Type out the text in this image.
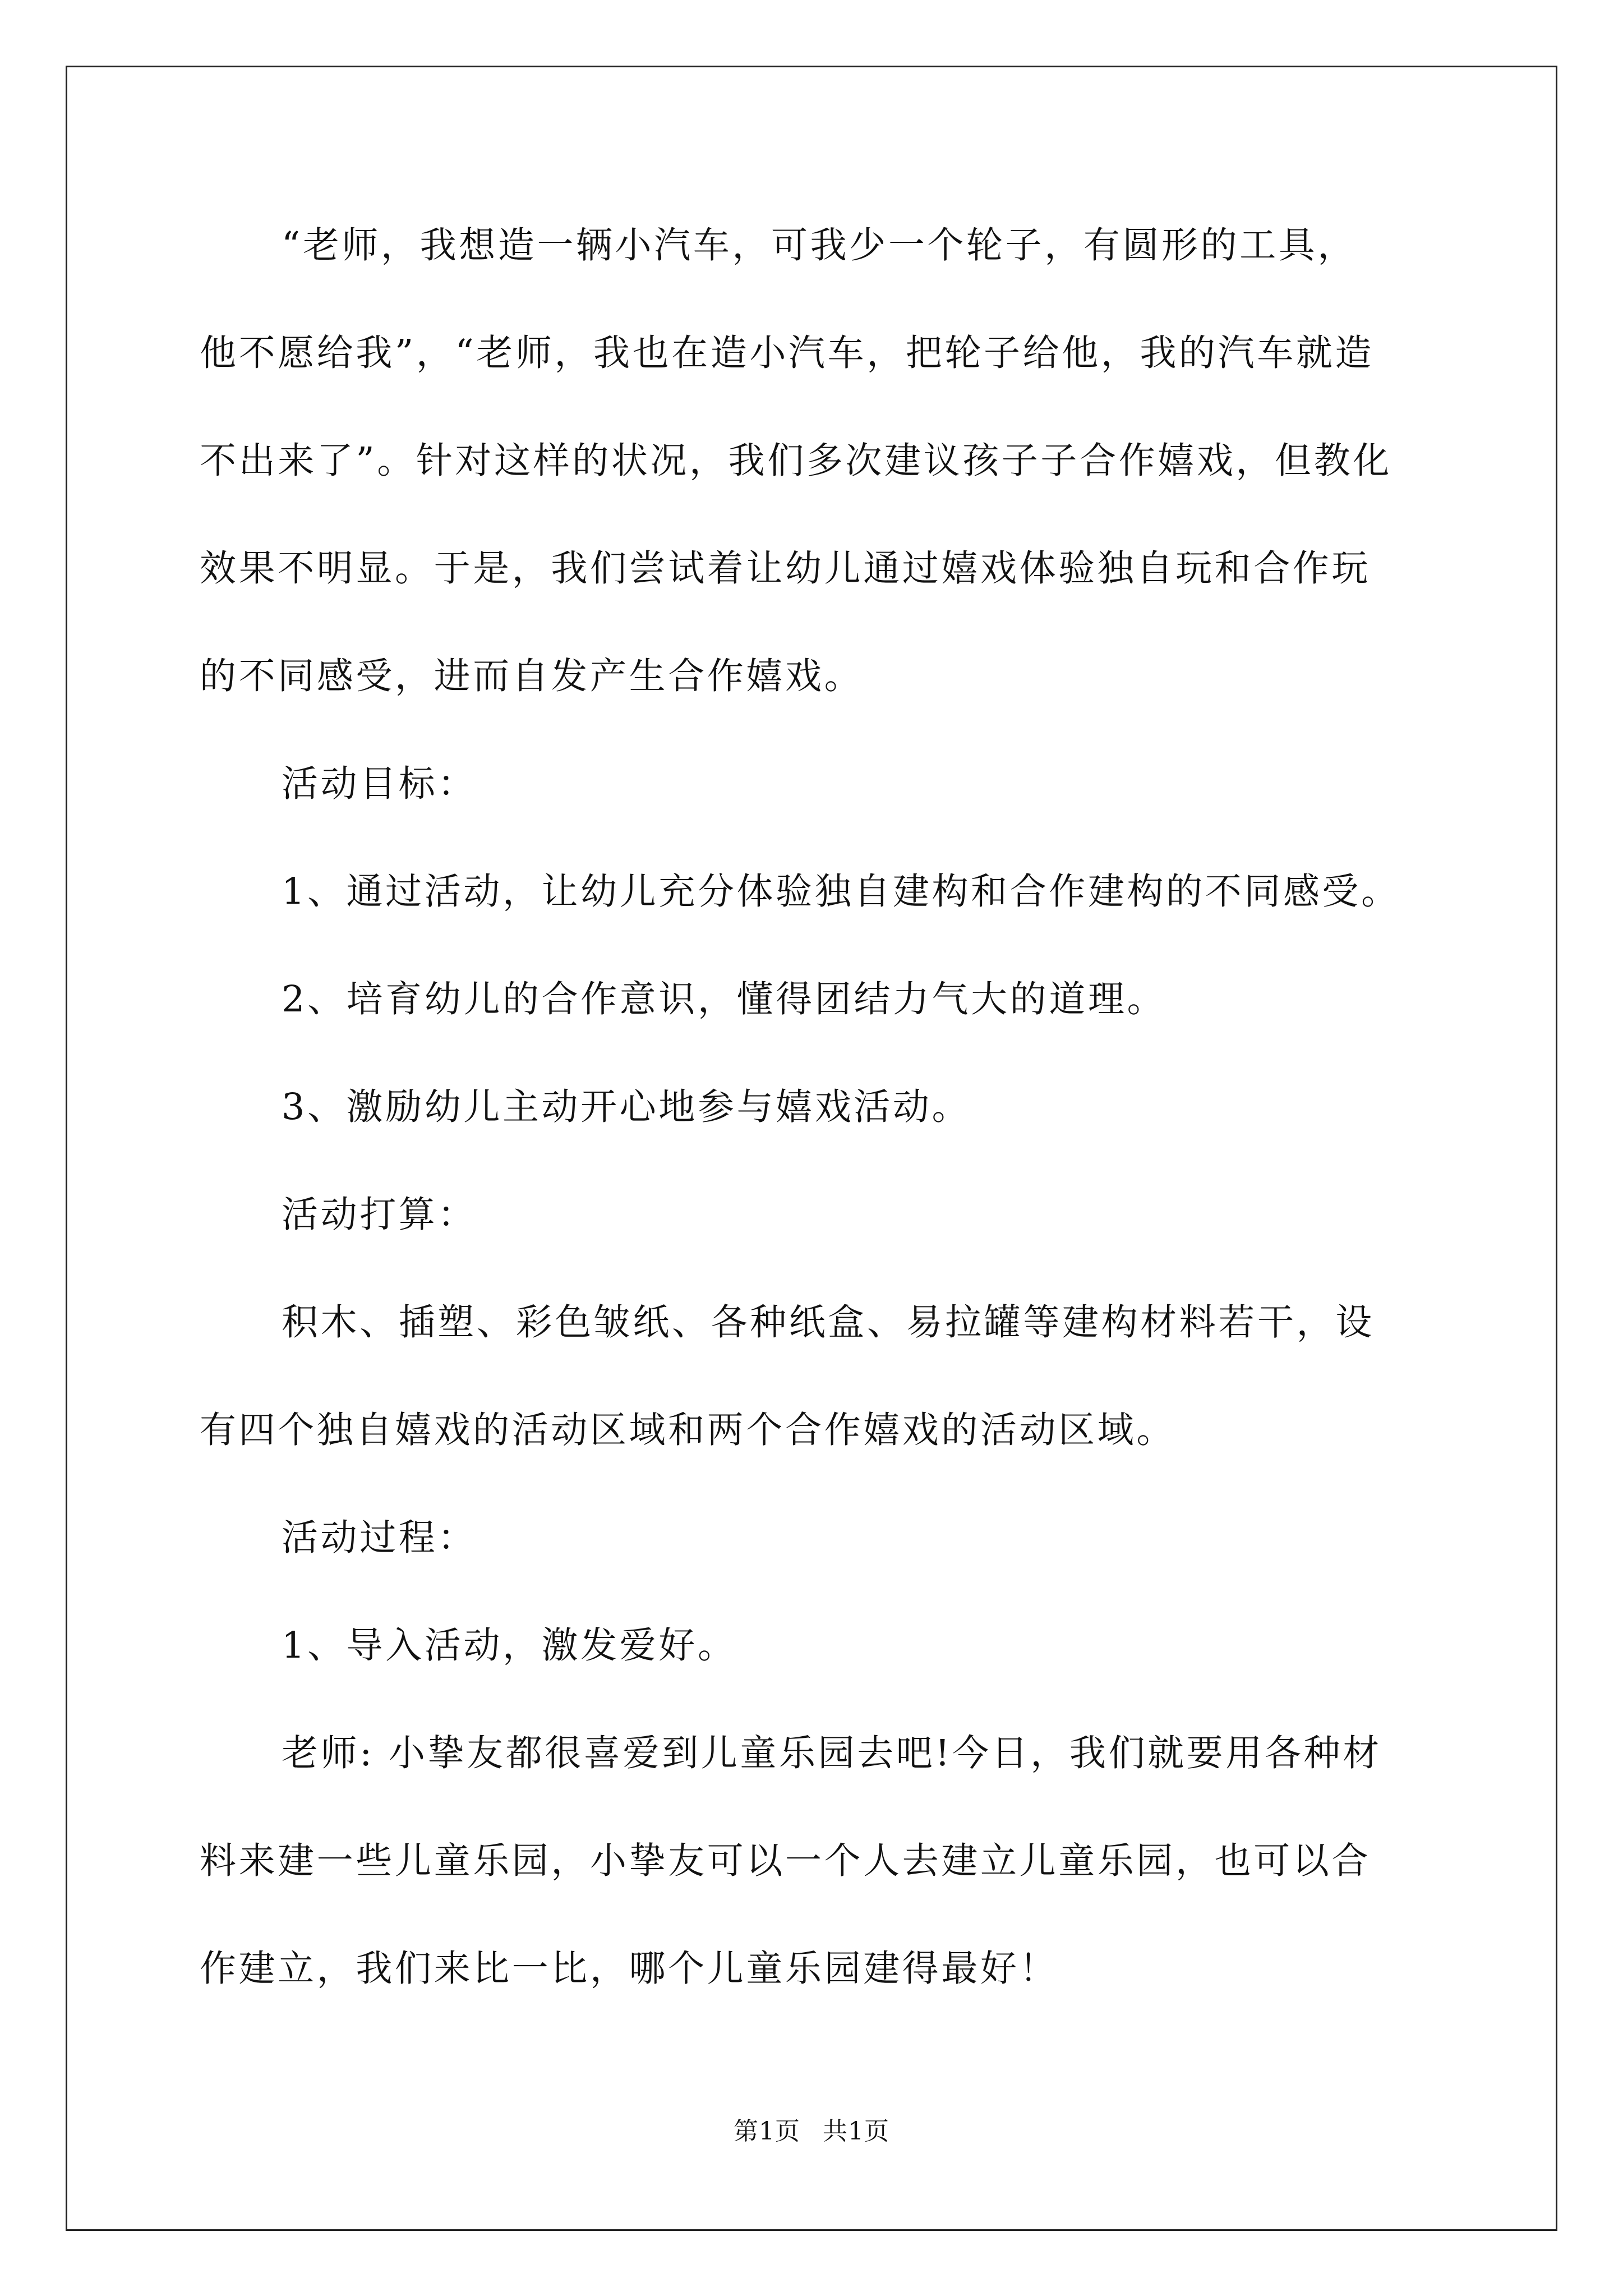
“老师，我想造一辆小汽车，可我少一个轮子，有圆形的工具，
他不愿给我”，“老师，我也在造小汽车，把轮子给他，我的汽车就造
不出来了”。针对这样的状况，我们多次建议孩子子合作嬉戏，但教化
效果不明显。于是，我们尝试着让幼儿通过嬉戏体验独自玩和合作玩
的不同感受，进而自发产生合作嬉戏。
活动目标：
1、通过活动，让幼儿充分体验独自建构和合作建构的不同感受。
2、培育幼儿的合作意识，懂得团结力气大的道理。
3、激励幼儿主动开心地参与嬉戏活动。
活动打算：
积木、插塑、彩色皱纸、各种纸盒、易拉罐等建构材料若干，设
有四个独自嬉戏的活动区域和两个合作嬉戏的活动区域。
活动过程：
1、导入活动，激发爱好。
老师: 小挚友都很喜爱到儿童乐园去吧!今日，我们就要用各种材
料来建一些儿童乐园，小挚友可以一个人去建立儿童乐园，也可以合
作建立，我们来比一比，哪个儿童乐园建得最好！
第1页 共1页
